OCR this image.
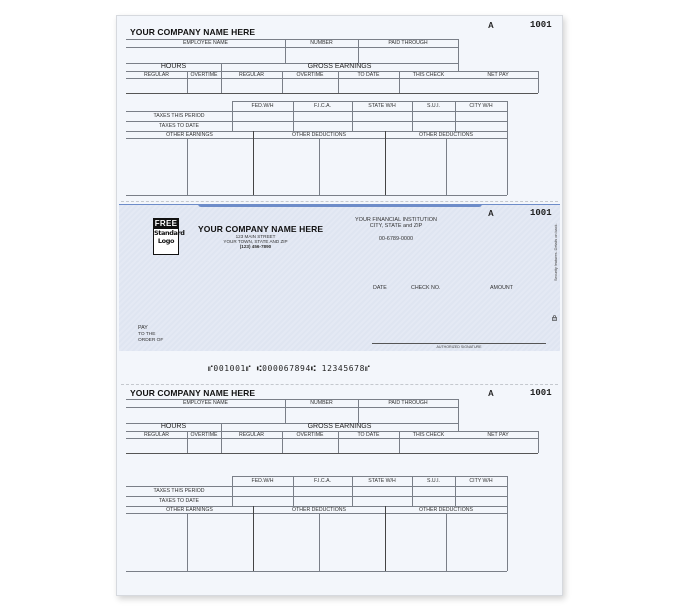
YOUR COMPANY NAME HERE
A	1001
EMPLOYEE NAME	NUMBER	PAID THROUGH
HOURS	GROSS EARNINGS
REGULAR	OVERTIME	REGULAR	OVERTIME	TO DATE	THIS CHECK	NET PAY
FED.W/H	F.I.C.A.	STATE W/H	S.U.I.	CITY W/H
TAXES THIS PERIOD
TAXES TO DATE
OTHER EARNINGS	OTHER DEDUCTIONS	OTHER DEDUCTIONS
A	1001
FREE
Standard
Logo
YOUR COMPANY NAME HERE
123 MAIN STREET
YOUR TOWN, STATE AND ZIP
(123) 456-7890
YOUR FINANCIAL INSTITUTION
CITY, STATE and ZIP
00-6789-0000
DATE	CHECK NO.	AMOUNT
PAY
TO THE
ORDER OF
AUTHORIZED SIGNATURE
Security features. Details on back.
⑈001001⑈ ⑆000067894⑆ 12345678⑈
YOUR COMPANY NAME HERE	A	1001
EMPLOYEE NAME	NUMBER	PAID THROUGH
HOURS	GROSS EARNINGS
REGULAR	OVERTIME	REGULAR	OVERTIME	TO DATE	THIS CHECK	NET PAY
FED.W/H	F.I.C.A.	STATE W/H	S.U.I.	CITY W/H
TAXES THIS PERIOD
TAXES TO DATE
OTHER EARNINGS	OTHER DEDUCTIONS	OTHER DEDUCTIONS
